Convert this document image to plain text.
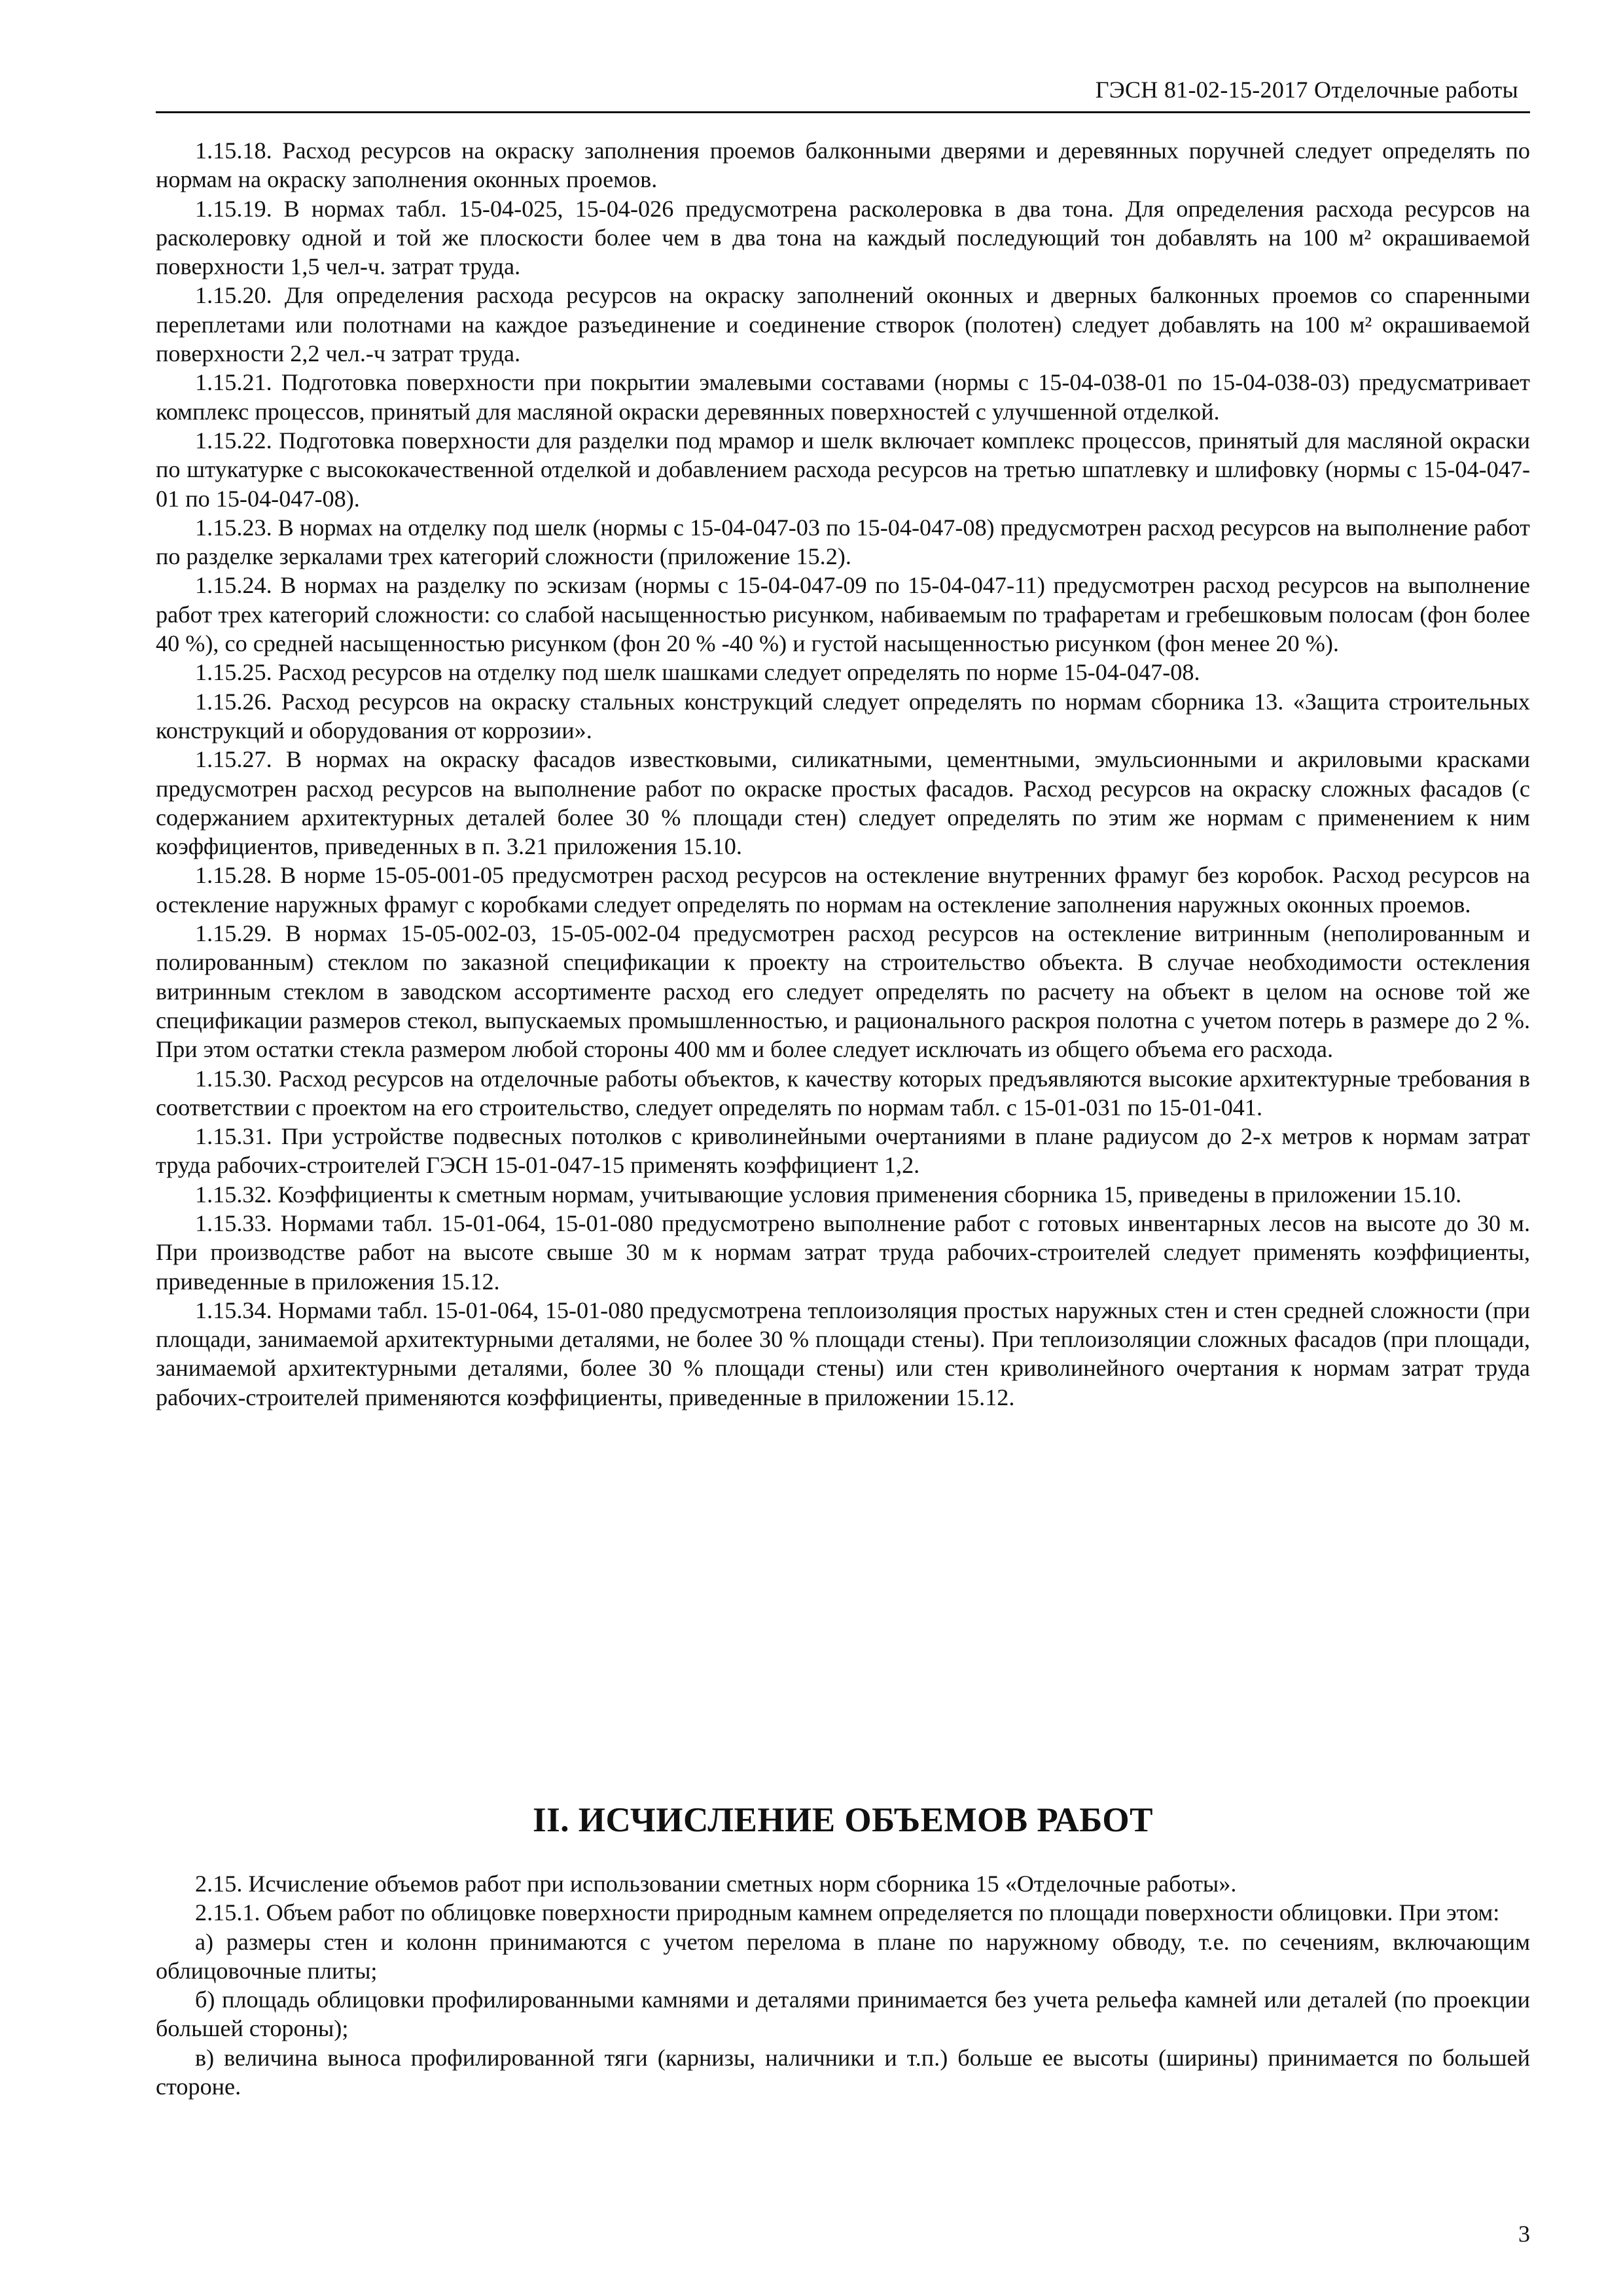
ГЭСН 81-02-15-2017 Отделочные работы

1.15.18. Расход ресурсов на окраску заполнения проемов балконными дверями и деревянных поручней следует определять по нормам на окраску заполнения оконных проемов.

1.15.19. В нормах табл. 15-04-025, 15-04-026 предусмотрена расколеровка в два тона. Для определения расхода ресурсов на расколеровку одной и той же плоскости более чем в два тона на каждый последующий тон добавлять на 100 м² окрашиваемой поверхности 1,5 чел-ч. затрат труда.

1.15.20. Для определения расхода ресурсов на окраску заполнений оконных и дверных балконных проемов со спаренными переплетами или полотнами на каждое разъединение и соединение створок (полотен) следует добавлять на 100 м² окрашиваемой поверхности 2,2 чел.-ч затрат труда.

1.15.21. Подготовка поверхности при покрытии эмалевыми составами (нормы с 15-04-038-01 по 15-04-038-03) предусматривает комплекс процессов, принятый для масляной окраски деревянных поверхностей с улучшенной отделкой.

1.15.22. Подготовка поверхности для разделки под мрамор и шелк включает комплекс процессов, принятый для масляной окраски по штукатурке с высококачественной отделкой и добавлением расхода ресурсов на третью шпатлевку и шлифовку (нормы с 15-04-047-01 по 15-04-047-08).

1.15.23. В нормах на отделку под шелк (нормы с 15-04-047-03 по 15-04-047-08) предусмотрен расход ресурсов на выполнение работ по разделке зеркалами трех категорий сложности (приложение 15.2).

1.15.24. В нормах на разделку по эскизам (нормы с 15-04-047-09 по 15-04-047-11) предусмотрен расход ресурсов на выполнение работ трех категорий сложности: со слабой насыщенностью рисунком, набиваемым по трафаретам и гребешковым полосам (фон более 40 %), со средней насыщенностью рисунком (фон 20 % -40 %) и густой насыщенностью рисунком (фон менее 20 %).

1.15.25. Расход ресурсов на отделку под шелк шашками следует определять по норме 15-04-047-08.

1.15.26. Расход ресурсов на окраску стальных конструкций следует определять по нормам сборника 13. «Защита строительных конструкций и оборудования от коррозии».

1.15.27. В нормах на окраску фасадов известковыми, силикатными, цементными, эмульсионными и акриловыми красками предусмотрен расход ресурсов на выполнение работ по окраске простых фасадов. Расход ресурсов на окраску сложных фасадов (с содержанием архитектурных деталей более 30 % площади стен) следует определять по этим же нормам с применением к ним коэффициентов, приведенных в п. 3.21 приложения 15.10.

1.15.28. В норме 15-05-001-05 предусмотрен расход ресурсов на остекление внутренних фрамуг без коробок. Расход ресурсов на остекление наружных фрамуг с коробками следует определять по нормам на остекление заполнения наружных оконных проемов.

1.15.29. В нормах 15-05-002-03, 15-05-002-04 предусмотрен расход ресурсов на остекление витринным (неполированным и полированным) стеклом по заказной спецификации к проекту на строительство объекта. В случае необходимости остекления витринным стеклом в заводском ассортименте расход его следует определять по расчету на объект в целом на основе той же спецификации размеров стекол, выпускаемых промышленностью, и рационального раскроя полотна с учетом потерь в размере до 2 %. При этом остатки стекла размером любой стороны 400 мм и более следует исключать из общего объема его расхода.

1.15.30. Расход ресурсов на отделочные работы объектов, к качеству которых предъявляются высокие архитектурные требования в соответствии с проектом на его строительство, следует определять по нормам табл. с 15-01-031 по 15-01-041.

1.15.31. При устройстве подвесных потолков с криволинейными очертаниями в плане радиусом до 2-х метров к нормам затрат труда рабочих-строителей ГЭСН 15-01-047-15 применять коэффициент 1,2.

1.15.32. Коэффициенты к сметным нормам, учитывающие условия применения сборника 15, приведены в приложении 15.10.

1.15.33. Нормами табл. 15-01-064, 15-01-080 предусмотрено выполнение работ с готовых инвентарных лесов на высоте до 30 м. При производстве работ на высоте свыше 30 м к нормам затрат труда рабочих-строителей следует применять коэффициенты, приведенные в приложения 15.12.

1.15.34. Нормами табл. 15-01-064, 15-01-080 предусмотрена теплоизоляция простых наружных стен и стен средней сложности (при площади, занимаемой архитектурными деталями, не более 30 % площади стены). При теплоизоляции сложных фасадов (при площади, занимаемой архитектурными деталями, более 30 % площади стены) или стен криволинейного очертания к нормам затрат труда рабочих-строителей применяются коэффициенты, приведенные в приложении 15.12.

II. ИСЧИСЛЕНИЕ ОБЪЕМОВ РАБОТ

2.15. Исчисление объемов работ при использовании сметных норм сборника 15 «Отделочные работы».

2.15.1. Объем работ по облицовке поверхности природным камнем определяется по площади поверхности облицовки. При этом:

а) размеры стен и колонн принимаются с учетом перелома в плане по наружному обводу, т.е. по сечениям, включающим облицовочные плиты;

б) площадь облицовки профилированными камнями и деталями принимается без учета рельефа камней или деталей (по проекции большей стороны);

в) величина выноса профилированной тяги (карнизы, наличники и т.п.) больше ее высоты (ширины) принимается по большей стороне.

3
